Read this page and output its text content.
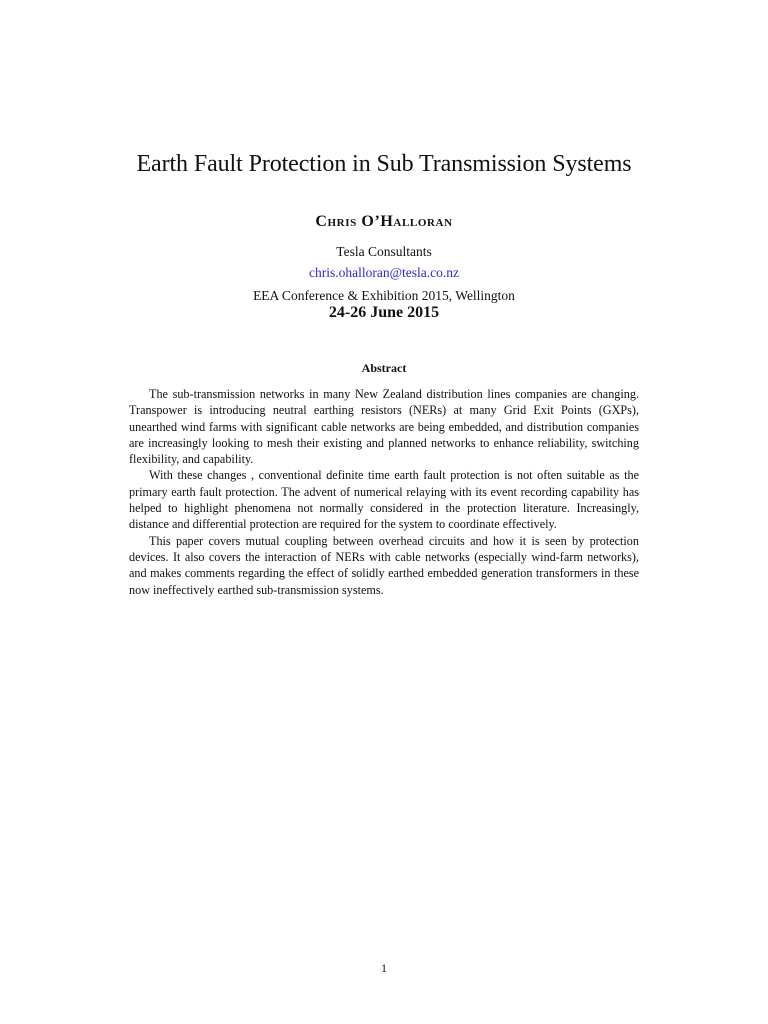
Earth Fault Protection in Sub Transmission Systems
Chris O’Halloran
Tesla Consultants
chris.ohalloran@tesla.co.nz
EEA Conference & Exhibition 2015, Wellington
24-26 June 2015
Abstract

The sub-transmission networks in many New Zealand distribution lines companies are changing. Transpower is introducing neutral earthing resistors (NERs) at many Grid Exit Points (GXPs), unearthed wind farms with significant cable networks are being embedded, and distribution companies are increasingly looking to mesh their existing and planned networks to enhance reliability, switching flexibility, and capability.

With these changes , conventional definite time earth fault protection is not often suitable as the primary earth fault protection. The advent of numerical relaying with its event recording capability has helped to highlight phenomena not normally considered in the protection literature. Increasingly, distance and differential protection are required for the system to coordinate effectively.

This paper covers mutual coupling between overhead circuits and how it is seen by protection devices. It also covers the interaction of NERs with cable networks (especially wind-farm networks), and makes comments regarding the effect of solidly earthed embedded generation transformers in these now ineffectively earthed sub-transmission systems.

1
